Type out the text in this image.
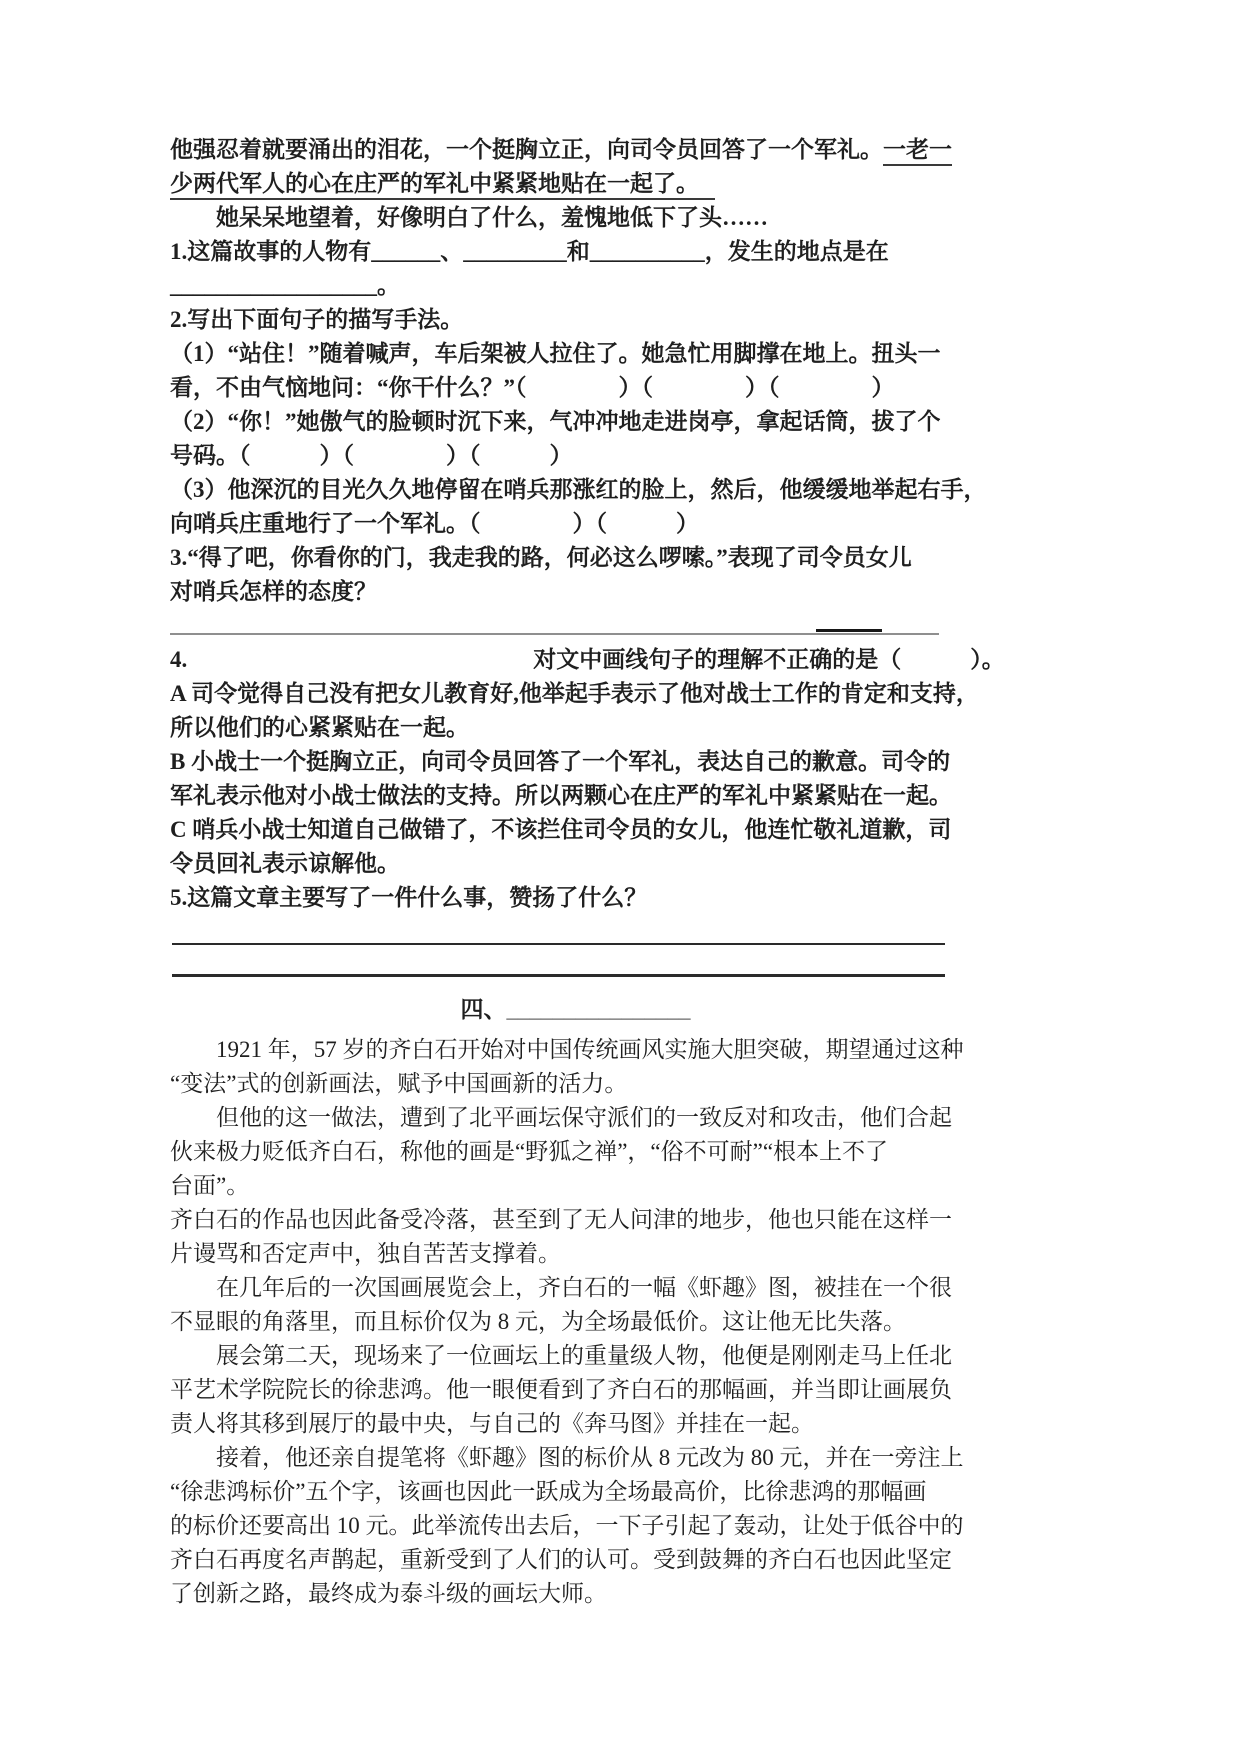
他强忍着就要涌出的泪花，一个挺胸立正，向司令员回答了一个军礼。一老一
少两代军人的心在庄严的军礼中紧紧地贴在一起了。
她呆呆地望着，好像明白了什么，羞愧地低下了头……
1.这篇故事的人物有______、_________和__________，发生的地点是在
__________________。
2.写出下面句子的描写手法。
（1）“站住！”随着喊声，车后架被人拉住了。她急忙用脚撑在地上。扭头一
看，不由气恼地问：“你干什么？”（　　　　）（　　　　）（　　　　）
（2）“你！”她傲气的脸顿时沉下来，气冲冲地走进岗亭，拿起话筒，拔了个
号码。（　　　）（　　　　）（　　　）
（3）他深沉的目光久久地停留在哨兵那涨红的脸上，然后，他缓缓地举起右手，
向哨兵庄重地行了一个军礼。（　　　　）（　　　）
3.“得了吧，你看你的门，我走我的路，何必这么啰嗦。”表现了司令员女儿
对哨兵怎样的态度？
4.	对文中画线句子的理解不正确的是（　　　）。
A 司令觉得自己没有把女儿教育好,他举起手表示了他对战士工作的肯定和支持，
所以他们的心紧紧贴在一起。
B 小战士一个挺胸立正，向司令员回答了一个军礼，表达自己的歉意。司令的
军礼表示他对小战士做法的支持。所以两颗心在庄严的军礼中紧紧贴在一起。
C 哨兵小战士知道自己做错了，不该拦住司令员的女儿，他连忙敬礼道歉，司
令员回礼表示谅解他。
5.这篇文章主要写了一件什么事，赞扬了什么？
四、________________
1921 年，57 岁的齐白石开始对中国传统画风实施大胆突破，期望通过这种
“变法”式的创新画法，赋予中国画新的活力。
但他的这一做法，遭到了北平画坛保守派们的一致反对和攻击，他们合起
伙来极力贬低齐白石，称他的画是“野狐之禅”，“俗不可耐”“根本上不了
台面”。
齐白石的作品也因此备受冷落，甚至到了无人问津的地步，他也只能在这样一
片谩骂和否定声中，独自苦苦支撑着。
在几年后的一次国画展览会上，齐白石的一幅《虾趣》图，被挂在一个很
不显眼的角落里，而且标价仅为 8 元，为全场最低价。这让他无比失落。
展会第二天，现场来了一位画坛上的重量级人物，他便是刚刚走马上任北
平艺术学院院长的徐悲鸿。他一眼便看到了齐白石的那幅画，并当即让画展负
责人将其移到展厅的最中央，与自己的《奔马图》并挂在一起。
接着，他还亲自提笔将《虾趣》图的标价从 8 元改为 80 元，并在一旁注上
“徐悲鸿标价”五个字，该画也因此一跃成为全场最高价，比徐悲鸿的那幅画
的标价还要高出 10 元。此举流传出去后，一下子引起了轰动，让处于低谷中的
齐白石再度名声鹊起，重新受到了人们的认可。受到鼓舞的齐白石也因此坚定
了创新之路，最终成为泰斗级的画坛大师。
